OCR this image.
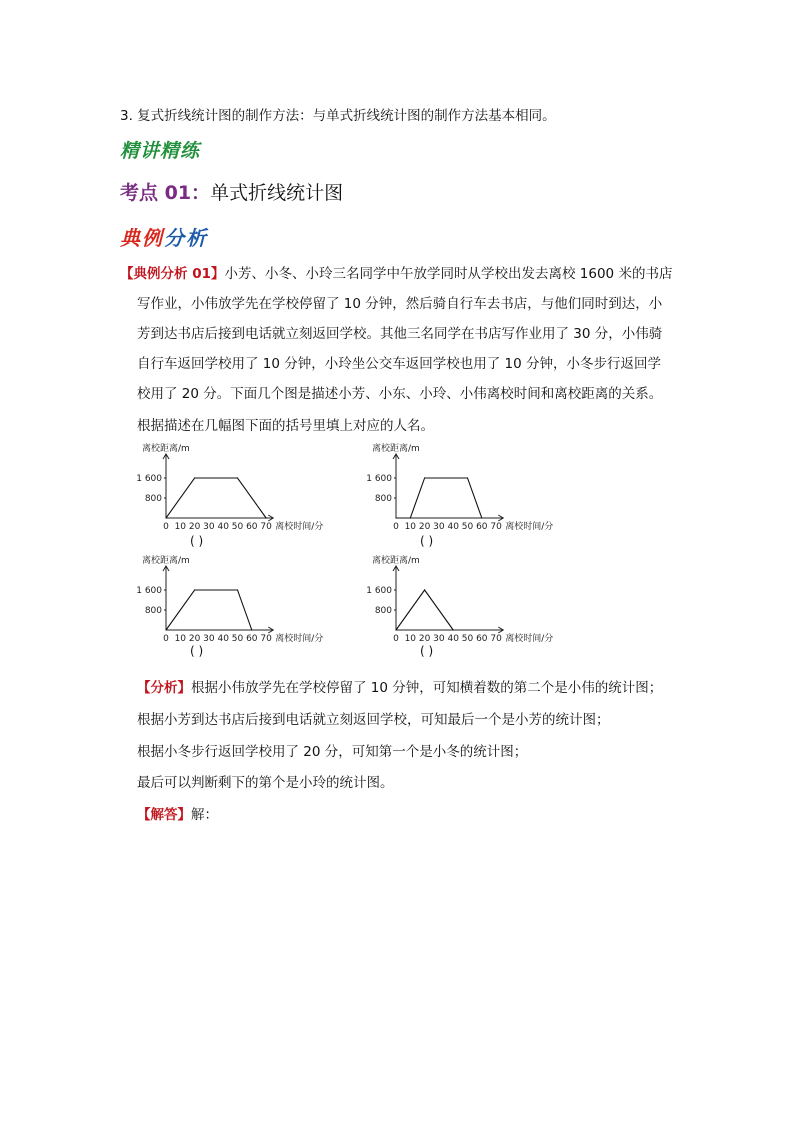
3. 复式折线统计图的制作方法：与单式折线统计图的制作方法基本相同。
精讲精练
考点 01：单式折线统计图
典例分析
【典例分析 01】小芳、小冬、小玲三名同学中午放学同时从学校出发去离校 1600 米的书店
写作业，小伟放学先在学校停留了 10 分钟，然后骑自行车去书店，与他们同时到达，小
芳到达书店后接到电话就立刻返回学校。其他三名同学在书店写作业用了 30 分，小伟骑
自行车返回学校用了 10 分钟，小玲坐公交车返回学校也用了 10 分钟，小冬步行返回学
校用了 20 分。下面几个图是描述小芳、小东、小玲、小伟离校时间和离校距离的关系。
根据描述在几幅图下面的括号里填上对应的人名。
离校距离/m
离校时间/分
1 600
800
0 10 20 30 40 50 60 70
离校距离/m
离校时间/分
1 600
800
0 10 20 30 40 50 60 70
离校距离/m
离校时间/分
1 600
800
0 10 20 30 40 50 60 70
离校距离/m
离校时间/分
1 600
800
0 10 20 30 40 50 60 70
( )	( )
( )	( )
【分析】根据小伟放学先在学校停留了 10 分钟，可知横着数的第二个是小伟的统计图；
根据小芳到达书店后接到电话就立刻返回学校，可知最后一个是小芳的统计图；
根据小冬步行返回学校用了 20 分，可知第一个是小冬的统计图；
最后可以判断剩下的第个是小玲的统计图。
【解答】解：
